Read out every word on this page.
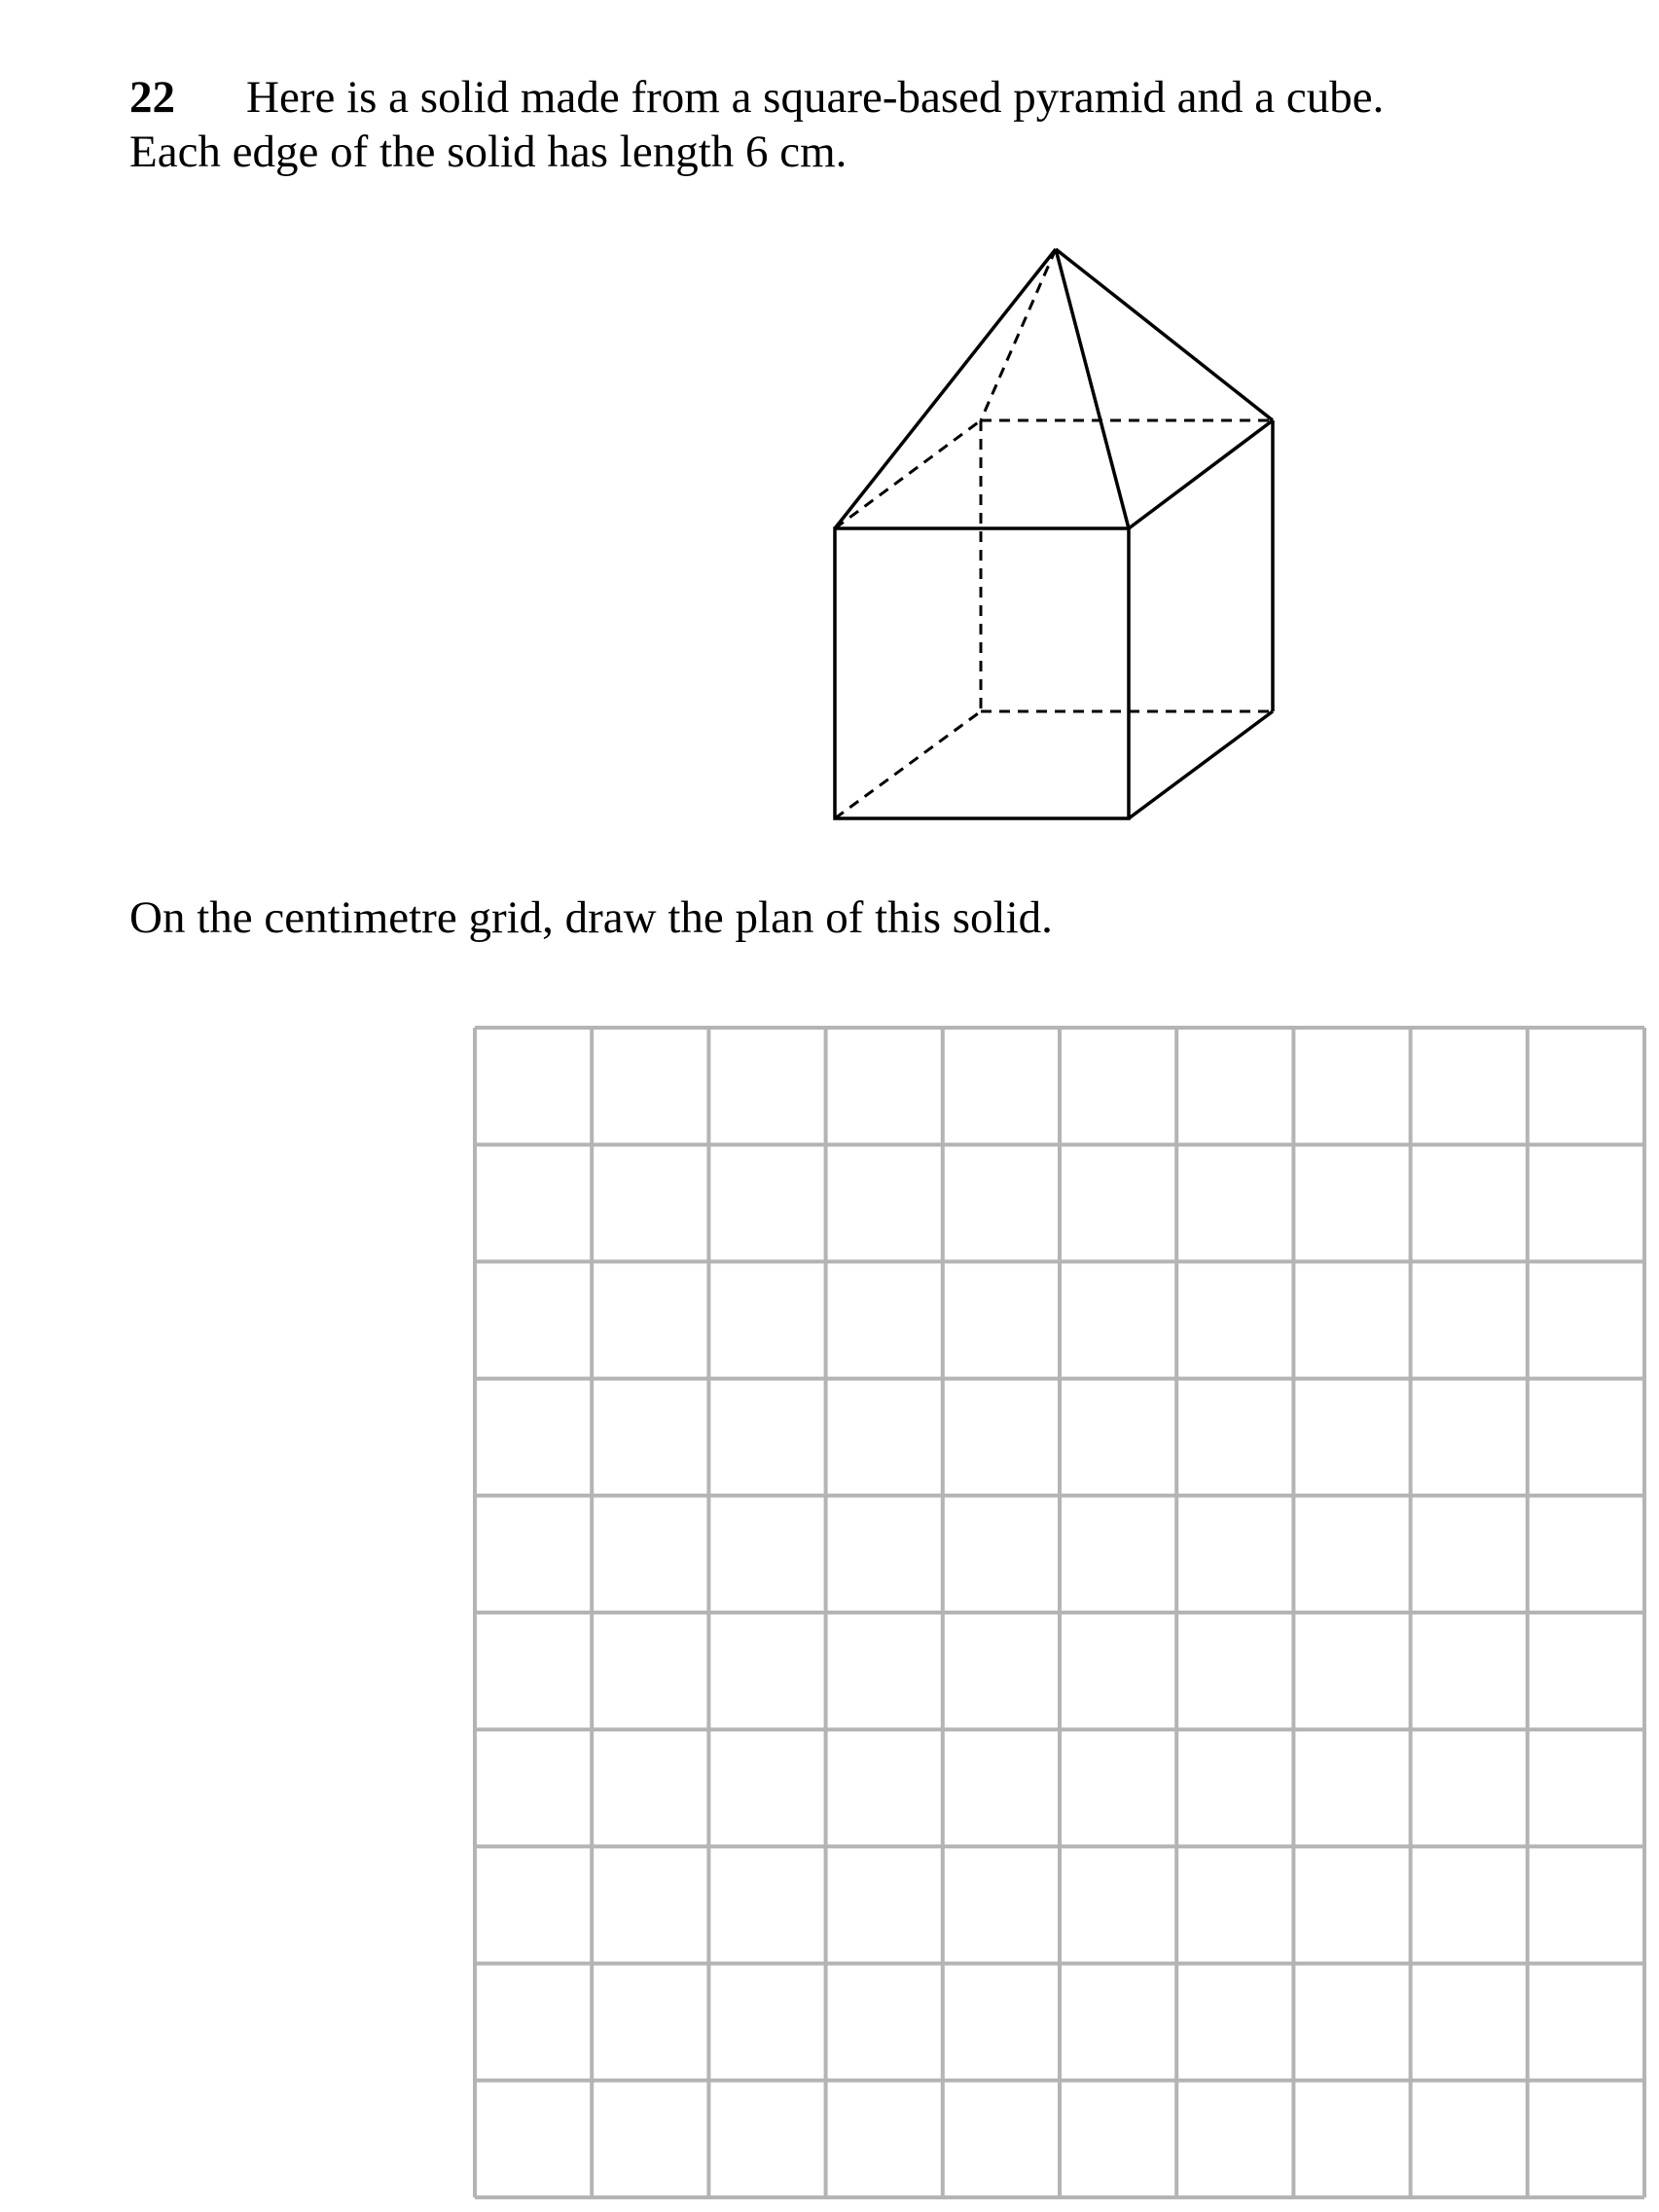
22 Here is a solid made from a square-based pyramid and a cube.
Each edge of the solid has length 6 cm.
On the centimetre grid, draw the plan of this solid.
